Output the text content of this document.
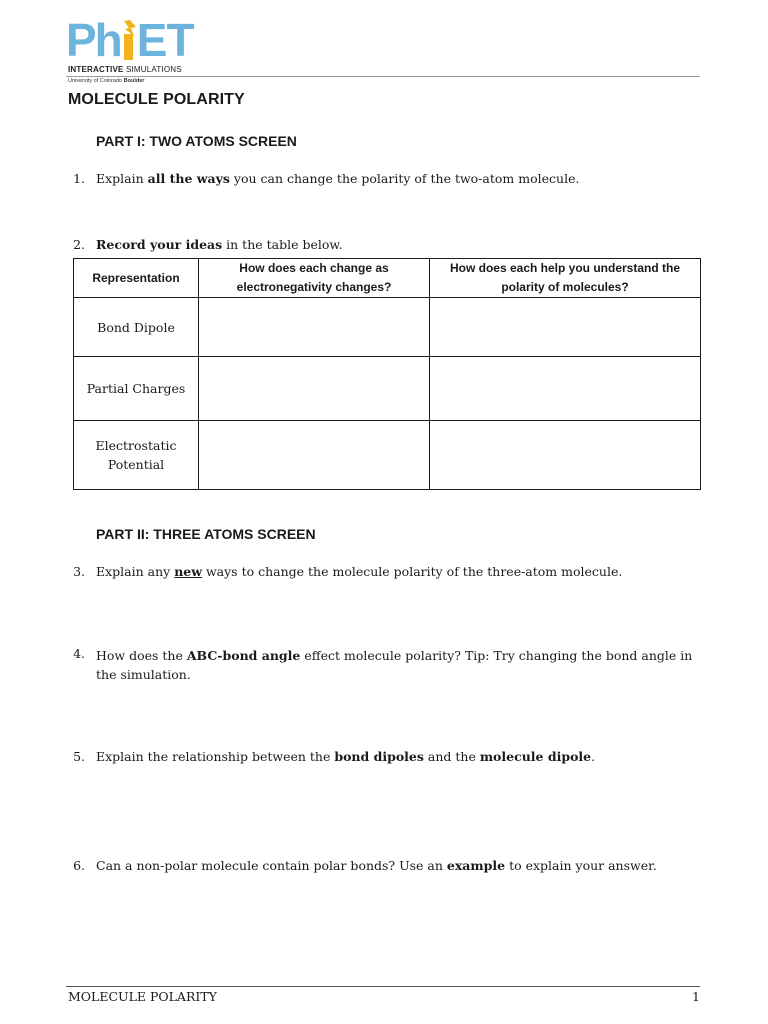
Ph ET
INTERACTIVE SIMULATIONS
University of Colorado Boulder
MOLECULE POLARITY
PART I: TWO ATOMS SCREEN
1. Explain all the ways you can change the polarity of the two-atom molecule.
2. Record your ideas in the table below.
Representation	How does each change as electronegativity changes?	How does each help you understand the polarity of molecules?
Bond Dipole		
Partial Charges		
Electrostatic Potential		
PART II: THREE ATOMS SCREEN
3. Explain any new ways to change the molecule polarity of the three-atom molecule.
4. How does the ABC-bond angle effect molecule polarity? Tip: Try changing the bond angle in the simulation.
5. Explain the relationship between the bond dipoles and the molecule dipole.
6. Can a non-polar molecule contain polar bonds? Use an example to explain your answer.
MOLECULE POLARITY	1
